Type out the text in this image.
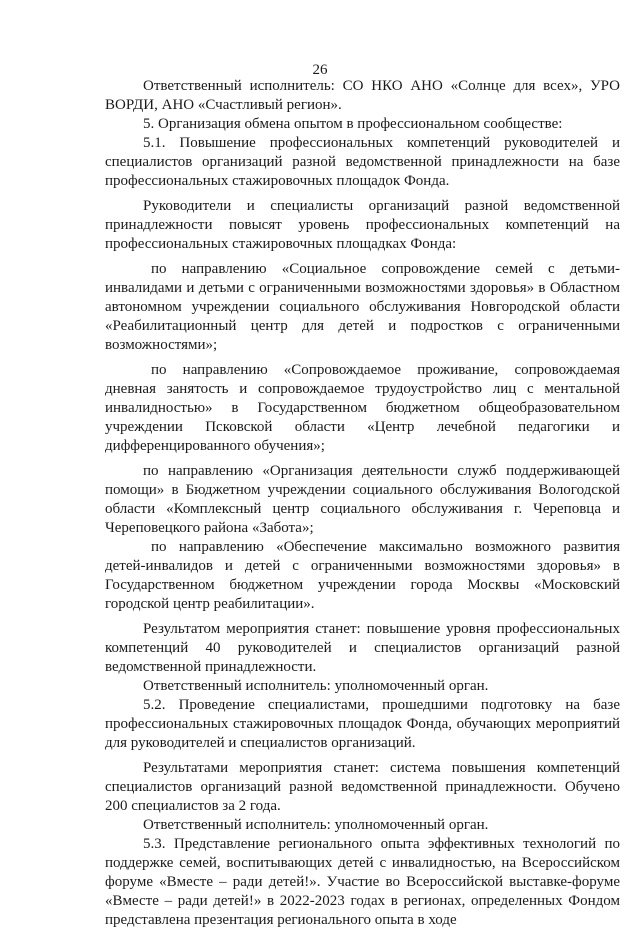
26

Ответственный исполнитель: СО НКО АНО «Солнце для всех», УРО ВОРДИ, АНО «Счастливый регион».

5. Организация обмена опытом в профессиональном сообществе:

5.1. Повышение профессиональных компетенций руководителей и специалистов организаций разной ведомственной принадлежности на базе профессиональных стажировочных площадок Фонда.

Руководители и специалисты организаций разной ведомственной принадлежности повысят уровень профессиональных компетенций на профессиональных стажировочных площадках Фонда:

по направлению «Социальное сопровождение семей с детьми-инвалидами и детьми с ограниченными возможностями здоровья» в Областном автономном учреждении социального обслуживания Новгородской области «Реабилитационный центр для детей и подростков с ограниченными возможностями»;

по направлению «Сопровождаемое проживание, сопровождаемая дневная занятость и сопровождаемое трудоустройство лиц с ментальной инвалидностью» в Государственном бюджетном общеобразовательном учреждении Псковской области «Центр лечебной педагогики и дифференцированного обучения»;

по направлению «Организация деятельности служб поддерживающей помощи» в Бюджетном учреждении социального обслуживания Вологодской области «Комплексный центр социального обслуживания г. Череповца и Череповецкого района «Забота»;

по направлению «Обеспечение максимально возможного развития детей-инвалидов и детей с ограниченными возможностями здоровья» в Государственном бюджетном учреждении города Москвы «Московский городской центр реабилитации».

Результатом мероприятия станет: повышение уровня профессиональных компетенций 40 руководителей и специалистов организаций разной ведомственной принадлежности.

Ответственный исполнитель: уполномоченный орган.

5.2. Проведение специалистами, прошедшими подготовку на базе профессиональных стажировочных площадок Фонда, обучающих мероприятий для руководителей и специалистов организаций.

Результатами мероприятия станет: система повышения компетенций специалистов организаций разной ведомственной принадлежности. Обучено 200 специалистов за 2 года.

Ответственный исполнитель: уполномоченный орган.

5.3. Представление регионального опыта эффективных технологий по поддержке семей, воспитывающих детей с инвалидностью, на Всероссийском форуме «Вместе – ради детей!». Участие во Всероссийской выставке-форуме «Вместе – ради детей!» в 2022-2023 годах в регионах, определенных Фондом представлена презентация регионального опыта в ходе
